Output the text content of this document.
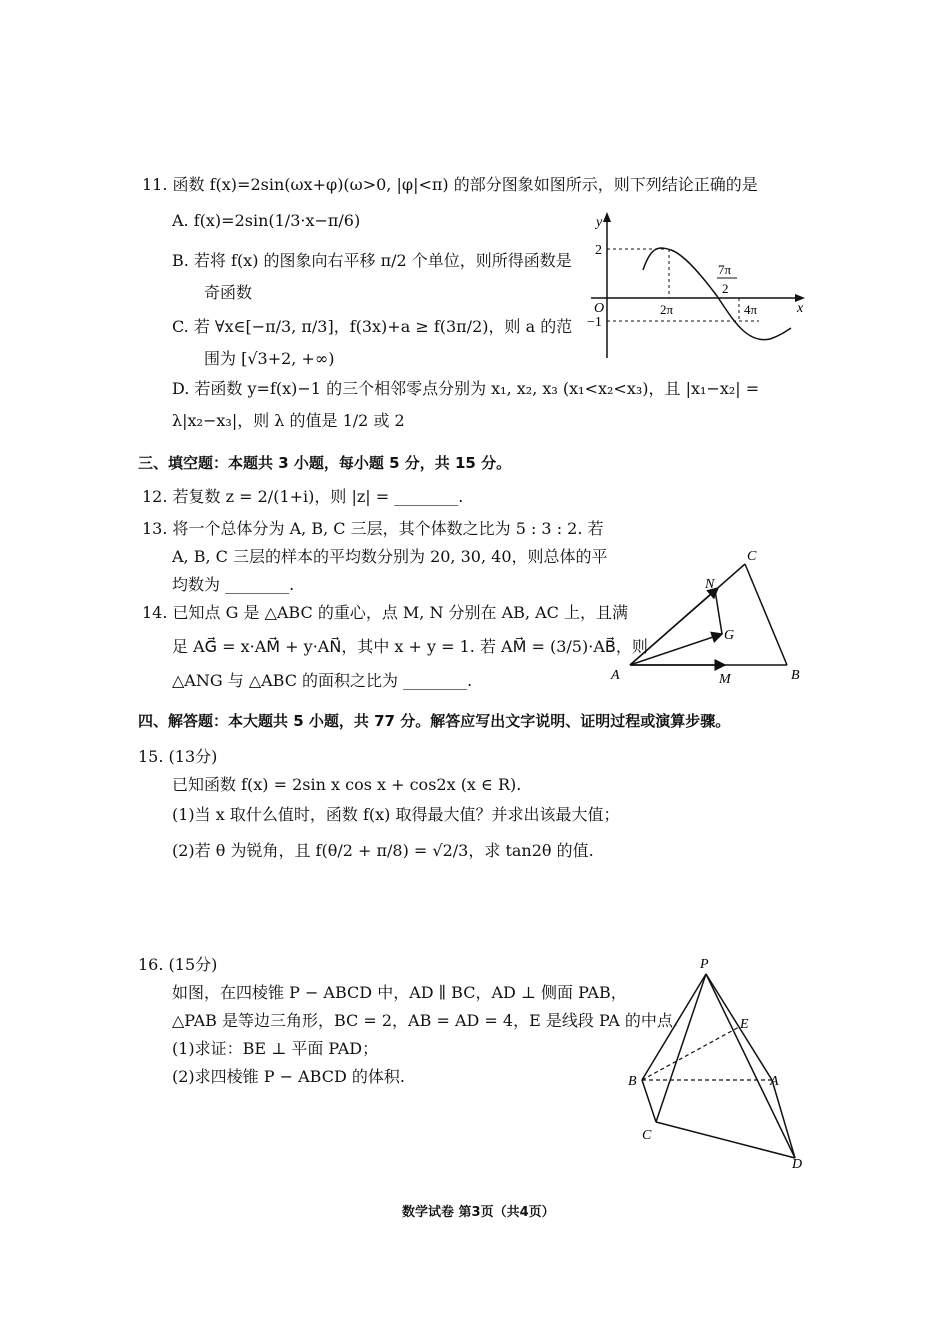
11. 函数 f(x)=2sin(ωx+φ)(ω>0, |φ|<π) 的部分图象如图所示，则下列结论正确的是
A. f(x)=2sin(1/3·x−π/6)
B. 若将 f(x) 的图象向右平移 π/2 个单位，则所得函数是
奇函数
C. 若 ∀x∈[−π/3, π/3]，f(3x)+a ≥ f(3π/2)，则 a 的范
围为 [√3+2, +∞)
D. 若函数 y=f(x)−1 的三个相邻零点分别为 x₁, x₂, x₃ (x₁<x₂<x₃)，且 |x₁−x₂| =
λ|x₂−x₃|，则 λ 的值是 1/2 或 2
y
x
O
2
−1
2π	4π
7π
2
三、填空题：本题共 3 小题，每小题 5 分，共 15 分。
12. 若复数 z = 2/(1+i)，则 |z| = ________.
13. 将一个总体分为 A, B, C 三层，其个体数之比为 5 : 3 : 2. 若
A, B, C 三层的样本的平均数分别为 20, 30, 40，则总体的平
均数为 ________.
14. 已知点 G 是 △ABC 的重心，点 M, N 分别在 AB, AC 上，且满
足 AG⃗ = x·AM⃗ + y·AN⃗，其中 x + y = 1. 若 AM⃗ = (3/5)·AB⃗，则
△ANG 与 △ABC 的面积之比为 ________.	A	B
C
M
N
G
四、解答题：本大题共 5 小题，共 77 分。解答应写出文字说明、证明过程或演算步骤。
15. (13分)
已知函数 f(x) = 2sin x cos x + cos2x (x ∈ R).
(1)当 x 取什么值时，函数 f(x) 取得最大值？并求出该最大值；
(2)若 θ 为锐角，且 f(θ/2 + π/8) = √2/3，求 tan2θ 的值.
16. (15分)
如图，在四棱锥 P − ABCD 中，AD ∥ BC，AD ⊥ 侧面 PAB，
△PAB 是等边三角形，BC = 2，AB = AD = 4，E 是线段 PA 的中点.
(1)求证：BE ⊥ 平面 PAD；
(2)求四棱锥 P − ABCD 的体积.
P
E
B	A
C
D
数学试卷 第3页（共4页）
